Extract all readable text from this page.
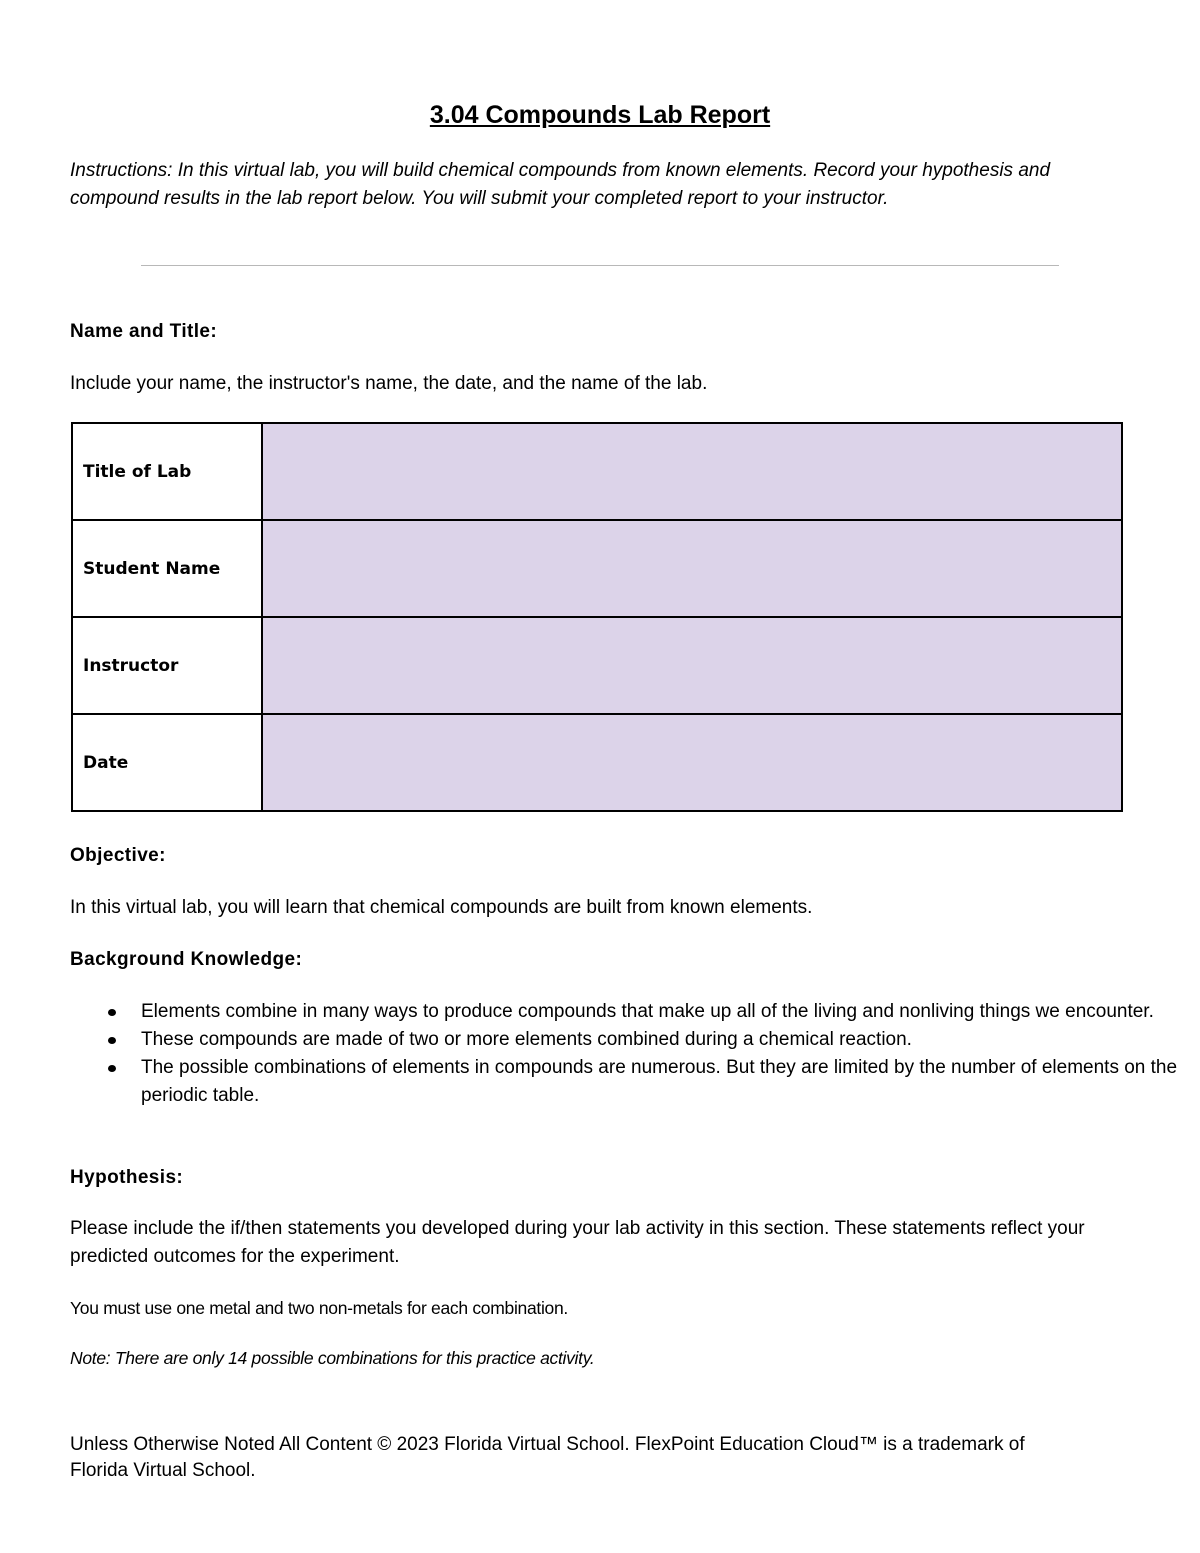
3.04 Compounds Lab Report
Instructions: In this virtual lab, you will build chemical compounds from known elements. Record your hypothesis and compound results in the lab report below. You will submit your completed report to your instructor.
Name and Title:
Include your name, the instructor's name, the date, and the name of the lab.
Title of Lab	
Student Name	
Instructor	
Date	
Objective:
In this virtual lab, you will learn that chemical compounds are built from known elements.
Background Knowledge:
Elements combine in many ways to produce compounds that make up all of the living and nonliving things we encounter.
These compounds are made of two or more elements combined during a chemical reaction.
The possible combinations of elements in compounds are numerous. But they are limited by the number of elements on the periodic table.
Hypothesis:
Please include the if/then statements you developed during your lab activity in this section. These statements reflect your predicted outcomes for the experiment.
You must use one metal and two non-metals for each combination.
Note: There are only 14 possible combinations for this practice activity.
Unless Otherwise Noted All Content © 2023 Florida Virtual School. FlexPoint Education Cloud™ is a trademark of Florida Virtual School.
